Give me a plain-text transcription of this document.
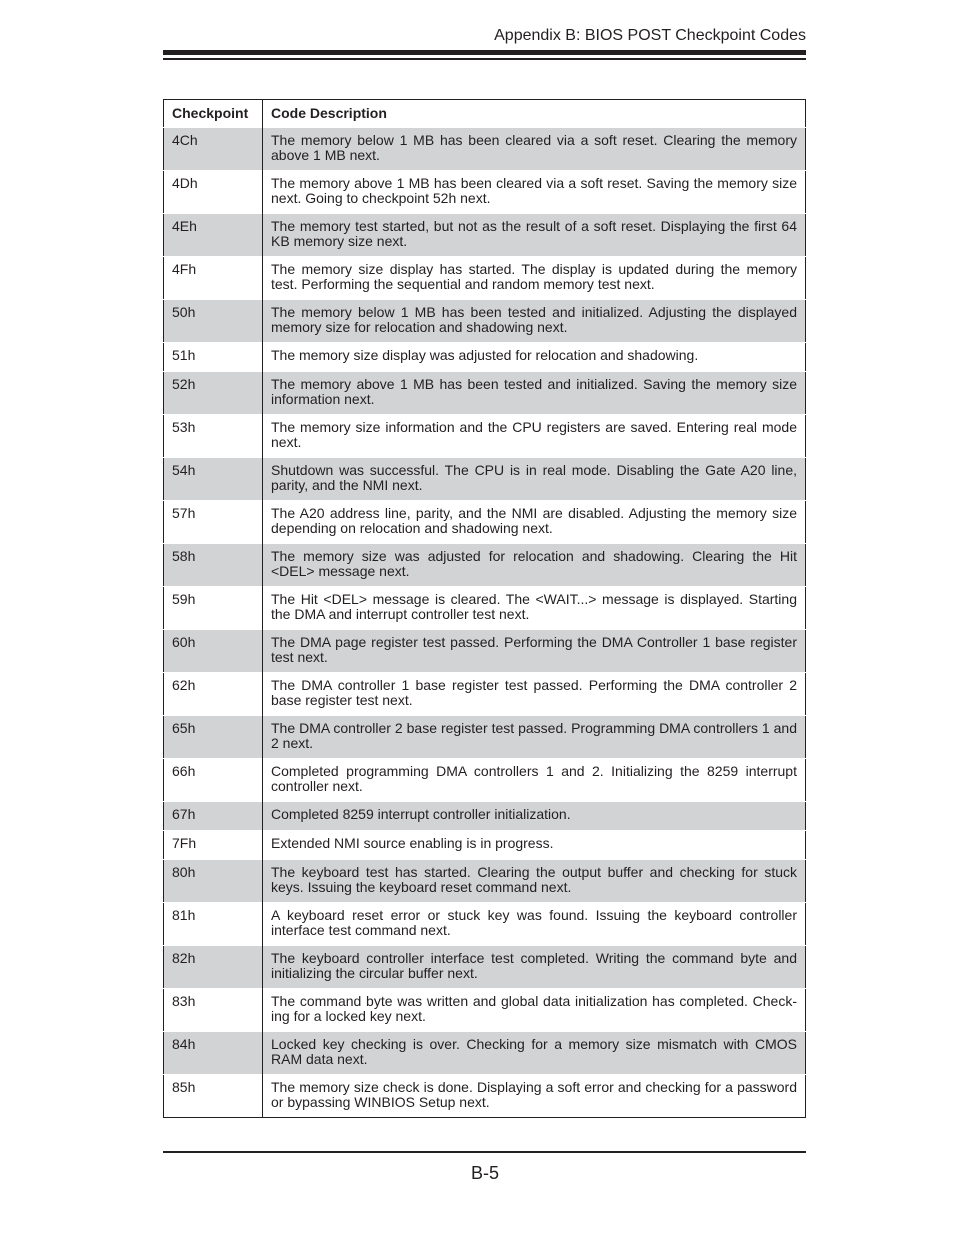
Appendix B: BIOS POST Checkpoint Codes
Checkpoint	Code Description
4Ch	The memory below 1 MB has been cleared via a soft reset. Clearing the memory above 1 MB next.
4Dh	The memory above 1 MB has been cleared via a soft reset. Saving the memory size next. Going to checkpoint 52h next.
4Eh	The memory test started, but not as the result of a soft reset. Displaying the first 64 KB memory size next.
4Fh	The memory size display has started. The display is updated during the memory test. Performing the sequential and random memory test next.
50h	The memory below 1 MB has been tested and initialized. Adjusting the displayed memory size for relocation and shadowing next.
51h	The memory size display was adjusted for relocation and shadowing.
52h	The memory above 1 MB has been tested and initialized. Saving the memory size information next.
53h	The memory size information and the CPU registers are saved. Entering real mode next.
54h	Shutdown was successful. The CPU is in real mode. Disabling the Gate A20 line, parity, and the NMI next.
57h	The A20 address line, parity, and the NMI are disabled. Adjusting the memory size depending on relocation and shadowing next.
58h	The memory size was adjusted for relocation and shadowing. Clearing the Hit <DEL> message next.
59h	The Hit <DEL> message is cleared. The <WAIT...> message is displayed. Starting the DMA and interrupt controller test next.
60h	The DMA page register test passed. Performing the DMA Controller 1 base register test next.
62h	The DMA controller 1 base register test passed. Performing the DMA controller 2 base register test next.
65h	The DMA controller 2 base register test passed. Programming DMA controllers 1 and 2 next.
66h	Completed programming DMA controllers 1 and 2. Initializing the 8259 interrupt controller next.
67h	Completed 8259 interrupt controller initialization.
7Fh	Extended NMI source enabling is in progress.
80h	The keyboard test has started. Clearing the output buffer and checking for stuck keys. Issuing the keyboard reset command next.
81h	A keyboard reset error or stuck key was found. Issuing the keyboard controller interface test command next.
82h	The keyboard controller interface test completed. Writing the command byte and initializing the circular buffer next.
83h	The command byte was written and global data initialization has completed. Check-ing for a locked key next.
84h	Locked key checking is over. Checking for a memory size mismatch with CMOS RAM data next.
85h	The memory size check is done. Displaying a soft error and checking for a password or bypassing WINBIOS Setup next.
B-5
